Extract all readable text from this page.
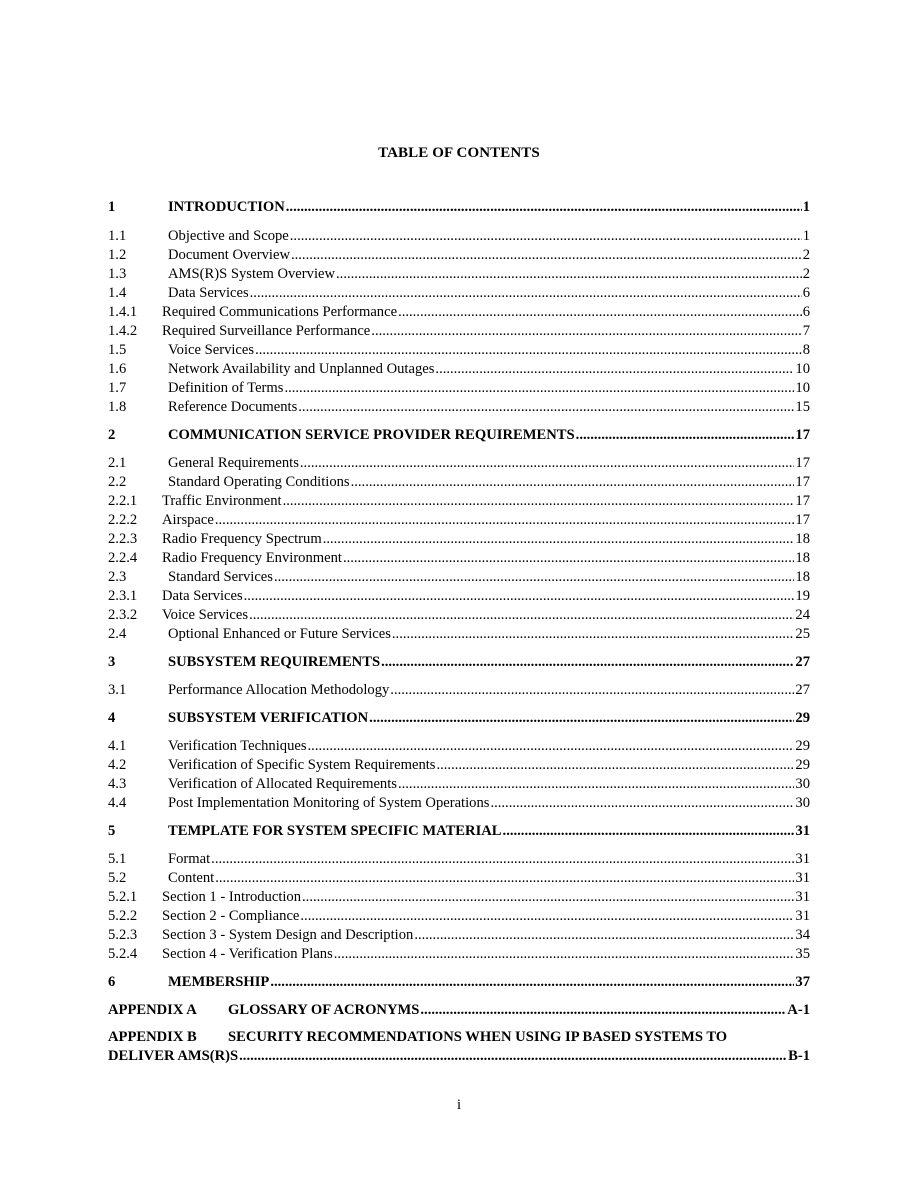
TABLE OF CONTENTS
1	INTRODUCTION .....	1
1.1	Objective and Scope .....	1
1.2	Document Overview .....	2
1.3	AMS(R)S System Overview .....	2
1.4	Data Services .....	6
1.4.1	Required Communications Performance .....	6
1.4.2	Required Surveillance Performance .....	7
1.5	Voice Services .....	8
1.6	Network Availability and Unplanned Outages .....	10
1.7	Definition of Terms .....	10
1.8	Reference Documents .....	15
2	COMMUNICATION SERVICE PROVIDER REQUIREMENTS .....	17
2.1	General Requirements .....	17
2.2	Standard Operating Conditions .....	17
2.2.1	Traffic Environment .....	17
2.2.2	Airspace .....	17
2.2.3	Radio Frequency Spectrum .....	18
2.2.4	Radio Frequency Environment .....	18
2.3	Standard Services .....	18
2.3.1	Data Services .....	19
2.3.2	Voice Services .....	24
2.4	Optional Enhanced or Future Services .....	25
3	SUBSYSTEM REQUIREMENTS .....	27
3.1	Performance Allocation Methodology .....	27
4	SUBSYSTEM VERIFICATION .....	29
4.1	Verification Techniques .....	29
4.2	Verification of Specific System Requirements .....	29
4.3	Verification of Allocated Requirements .....	30
4.4	Post Implementation Monitoring of System Operations .....	30
5	TEMPLATE FOR SYSTEM SPECIFIC MATERIAL .....	31
5.1	Format .....	31
5.2	Content .....	31
5.2.1	Section 1 - Introduction .....	31
5.2.2	Section 2 - Compliance .....	31
5.2.3	Section 3 - System Design and Description .....	34
5.2.4	Section 4 - Verification Plans .....	35
6	MEMBERSHIP .....	37
APPENDIX A	GLOSSARY OF ACRONYMS .....	A-1
APPENDIX B	SECURITY RECOMMENDATIONS WHEN USING IP BASED SYSTEMS TO
DELIVER AMS(R)S .....	B-1
i
